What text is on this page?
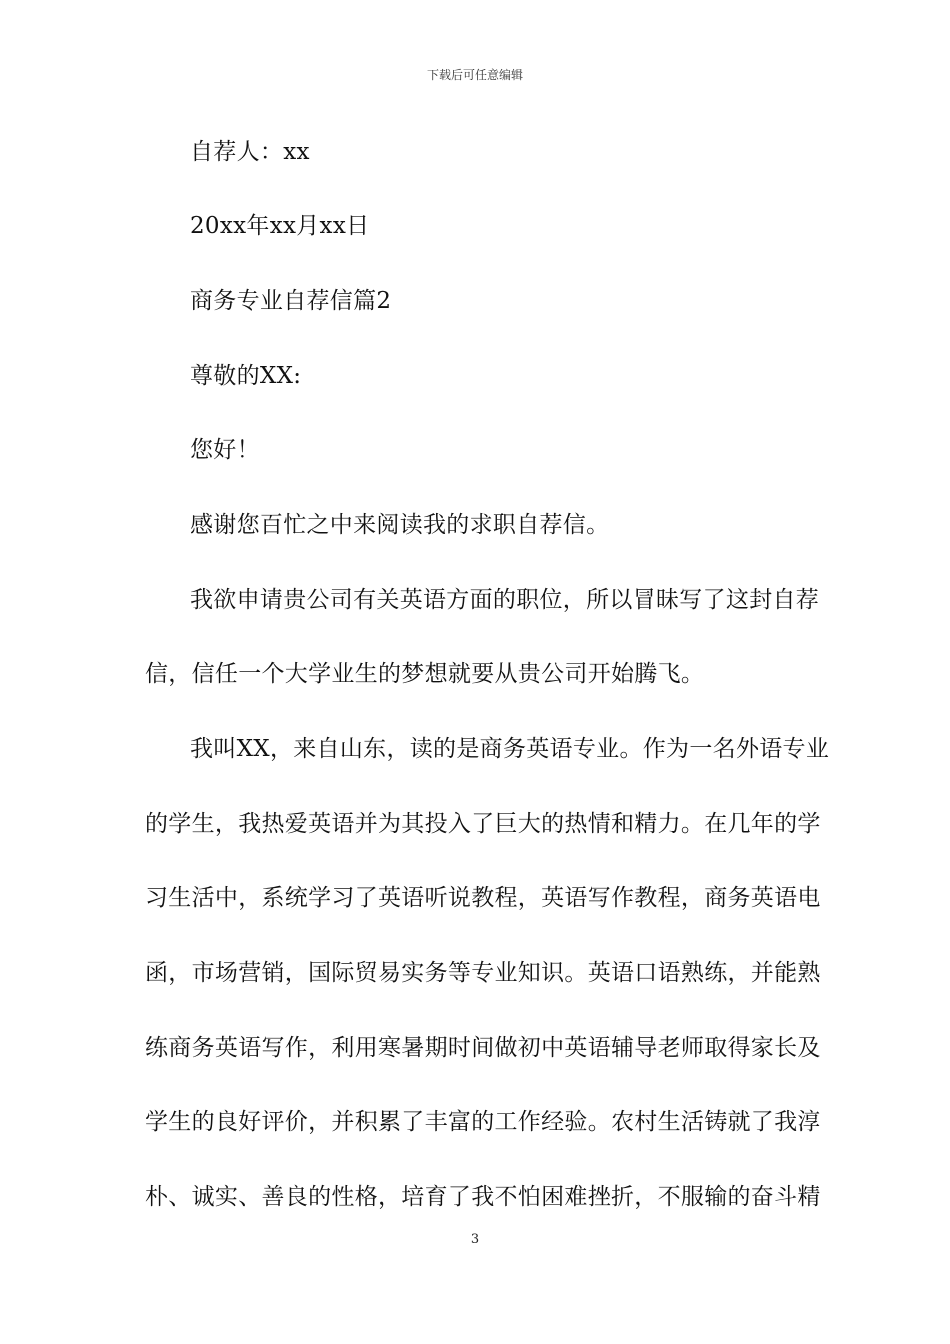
下载后可任意编辑
自荐人：xx
20xx年xx月xx日
商务专业自荐信篇2
尊敬的XX:
您好！
感谢您百忙之中来阅读我的求职自荐信。
我欲申请贵公司有关英语方面的职位，所以冒昧写了这封自荐
信，信任一个大学业生的梦想就要从贵公司开始腾飞。
我叫XX，来自山东，读的是商务英语专业。作为一名外语专业
的学生，我热爱英语并为其投入了巨大的热情和精力。在几年的学
习生活中，系统学习了英语听说教程，英语写作教程，商务英语电
函，市场营销，国际贸易实务等专业知识。英语口语熟练，并能熟
练商务英语写作，利用寒暑期时间做初中英语辅导老师取得家长及
学生的良好评价，并积累了丰富的工作经验。农村生活铸就了我淳
朴、诚实、善良的性格，培育了我不怕困难挫折，不服输的奋斗精
3
